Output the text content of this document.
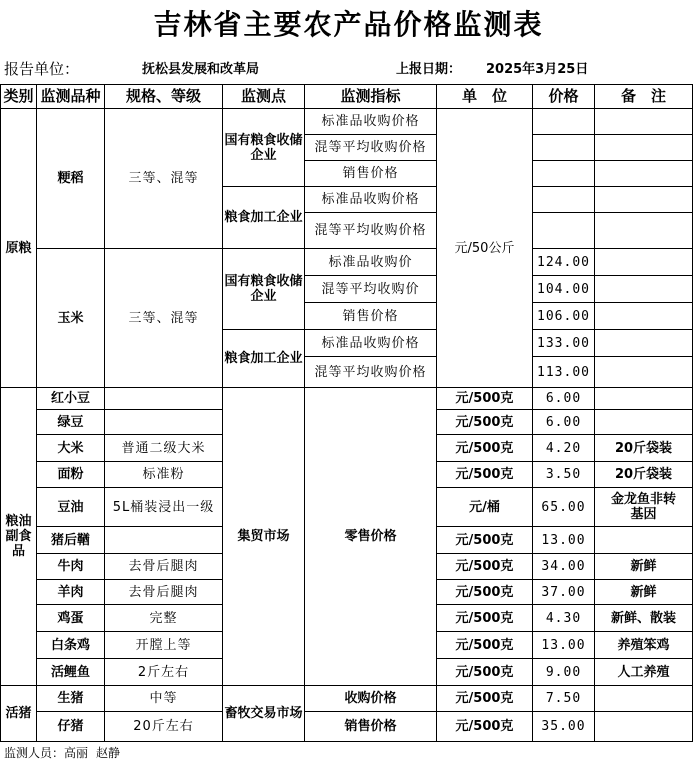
吉林省主要农产品价格监测表
报告单位：	抚松县发展和改革局	上报日期： 2025年3月25日
类别	监测品种	规格、等级	监测点	监测指标	单　位	价格	备　注
原粮	粳稻	三等、混等	国有粮食收储企业	标准品收购价格	元/50公斤		
				混等平均收购价格			
				销售价格			
			粮食加工企业	标准品收购价格			
				混等平均收购价格			
	玉米	三等、混等	国有粮食收储企业	标准品收购价		124.00	
				混等平均收购价		104.00	
				销售价格		106.00	
			粮食加工企业	标准品收购价格		133.00	
				混等平均收购价格		113.00	
粮油副食品	红小豆		集贸市场	零售价格	元/500克	6.00	
	绿豆				元/500克	6.00	
	大米	普通二级大米			元/500克	4.20	20斤袋装
	面粉	标准粉			元/500克	3.50	20斤袋装
	豆油	5L桶装浸出一级			元/桶	65.00	金龙鱼非转基因
	猪后鞧				元/500克	13.00	
	牛肉	去骨后腿肉			元/500克	34.00	新鲜
	羊肉	去骨后腿肉			元/500克	37.00	新鲜
	鸡蛋	完整			元/500克	4.30	新鲜、散装
	白条鸡	开膛上等			元/500克	13.00	养殖笨鸡
	活鲤鱼	2斤左右			元/500克	9.00	人工养殖
活猪	生猪	中等	畜牧交易市场	收购价格	元/500克	7.50	
	仔猪	20斤左右		销售价格	元/500克	35.00	
监测人员：高丽 赵静
